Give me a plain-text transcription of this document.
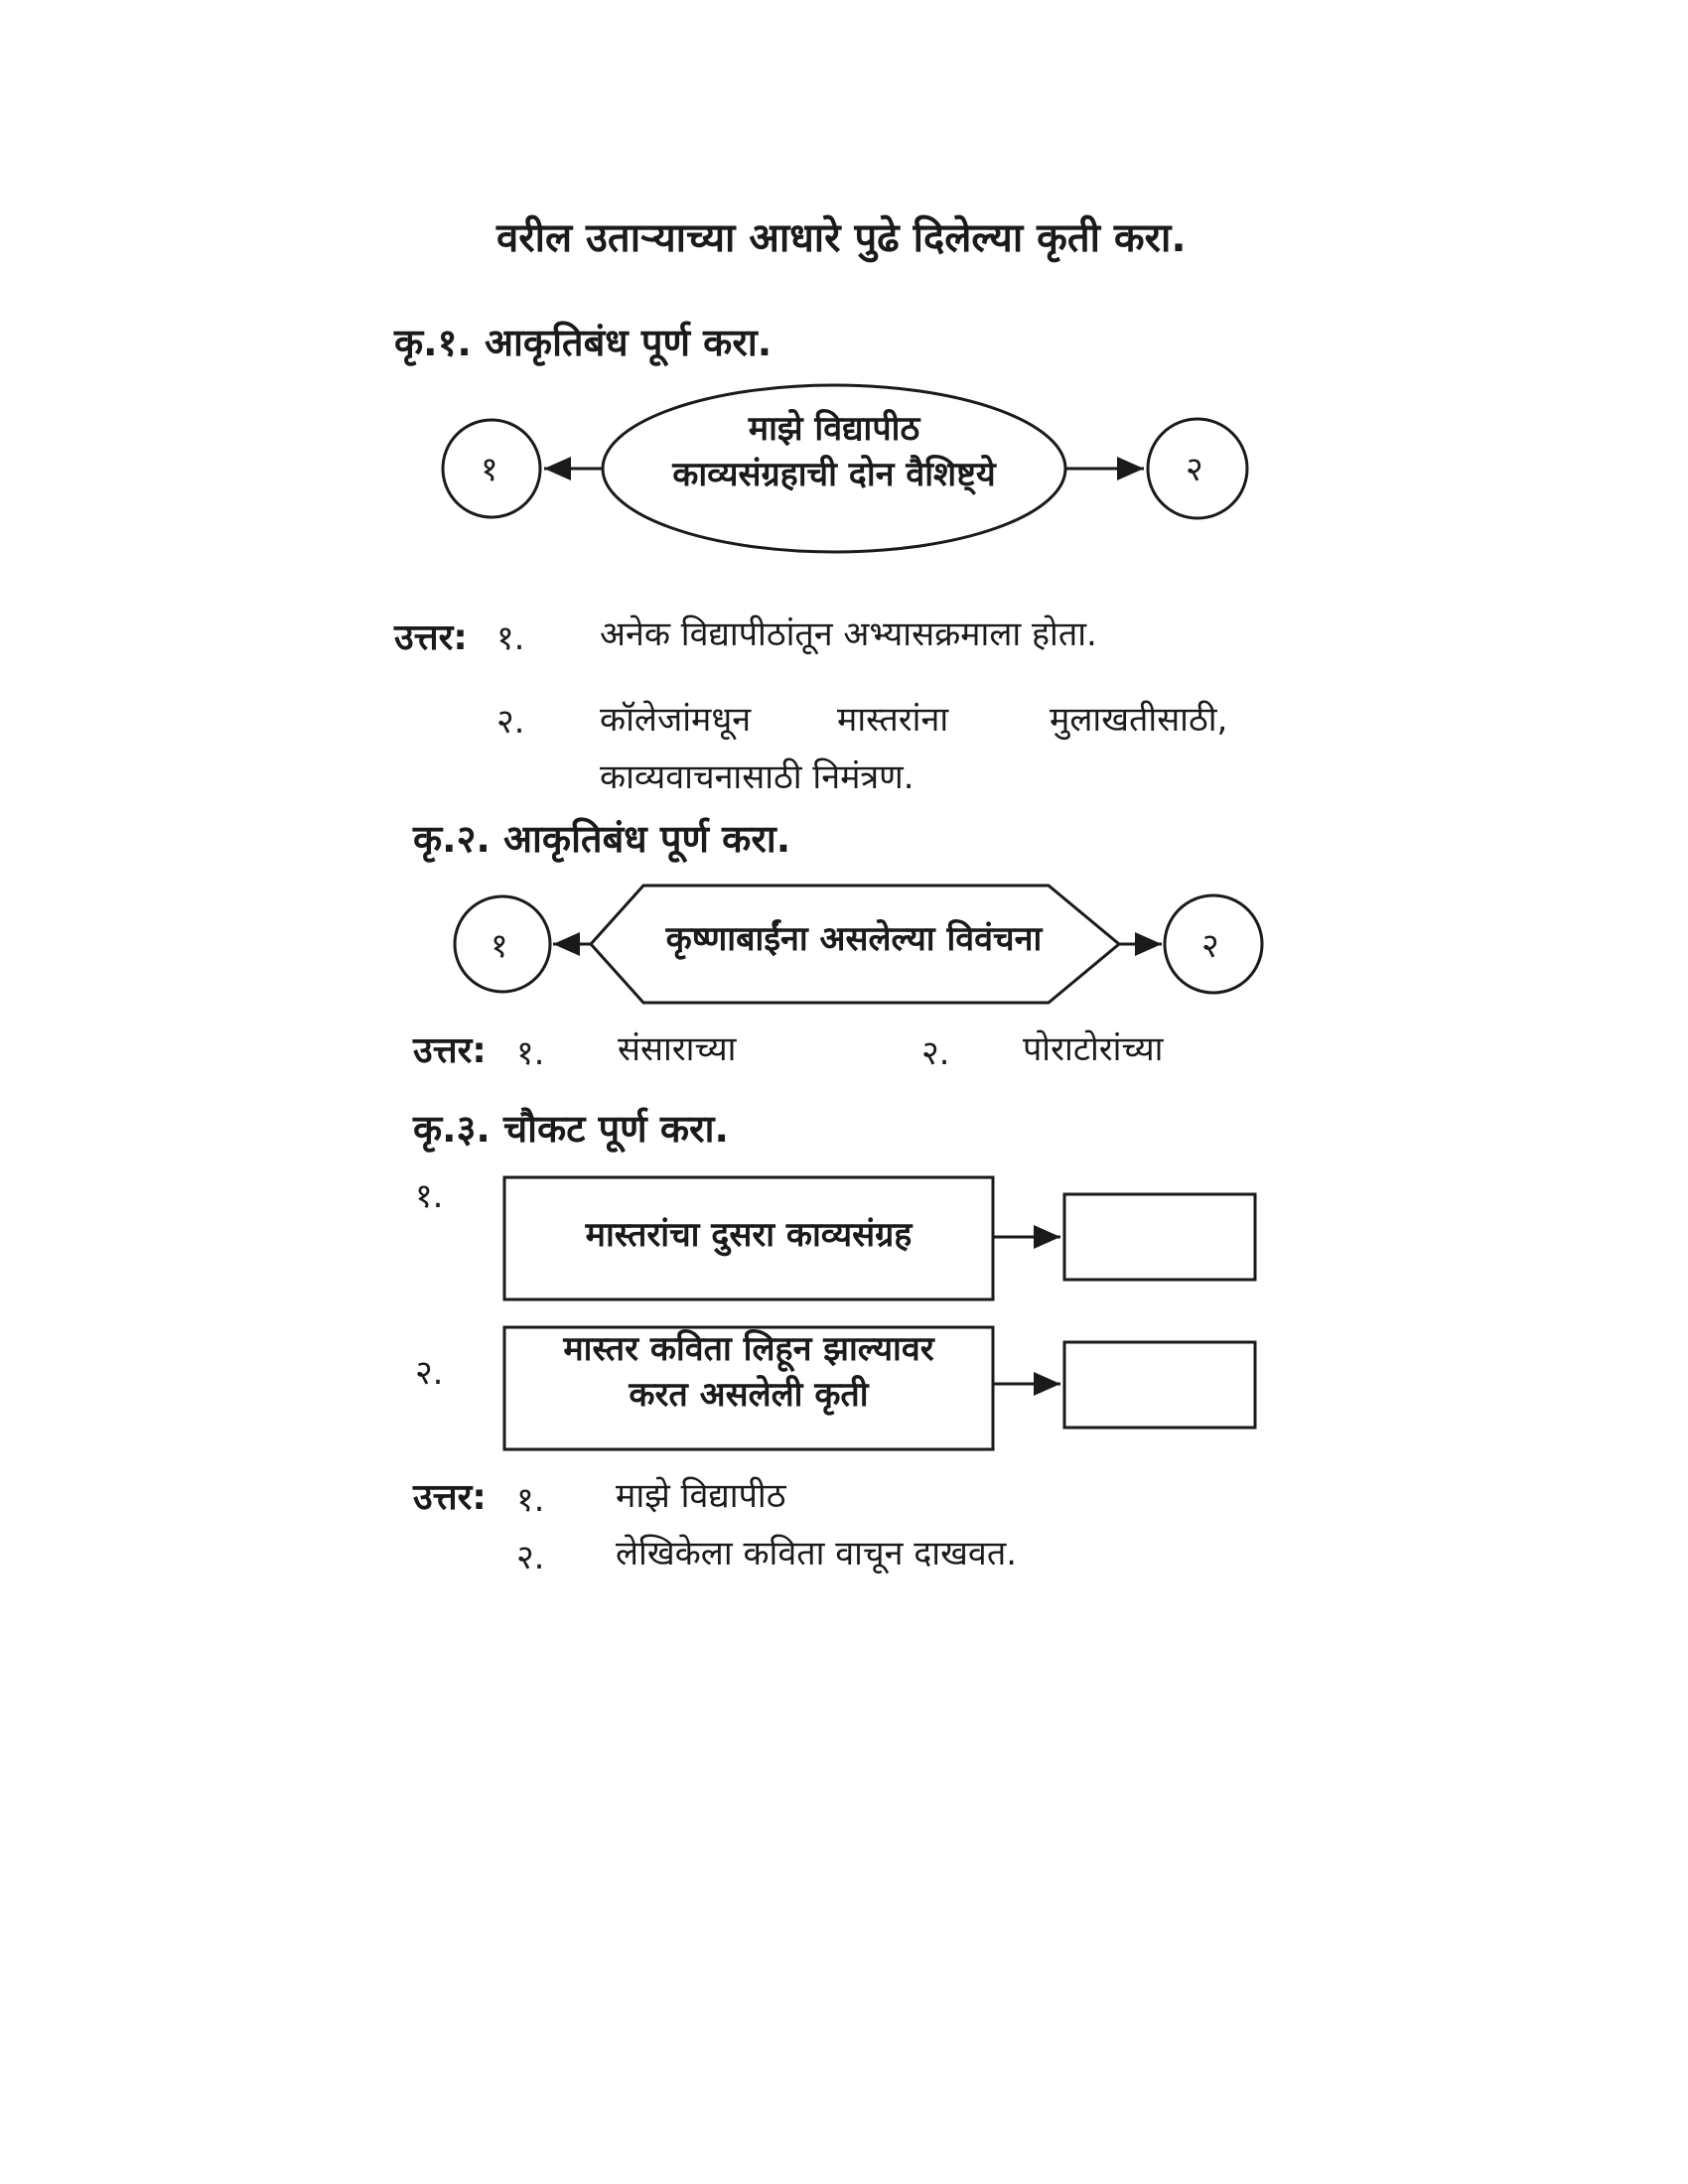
वरील उताऱ्याच्या आधारे पुढे दिलेल्या कृती करा.
कृ.१. आकृतिबंध पूर्ण करा.
१	२
माझे विद्यापीठ
काव्यसंग्रहाची दोन वैशिष्ट्ये
उत्तर: १. अनेक विद्यापीठांतून अभ्यासक्रमाला होता.
२. कॉलेजांमधून	मास्तरांना	मुलाखतीसाठी,
काव्यवाचनासाठी निमंत्रण.
कृ.२. आकृतिबंध पूर्ण करा.
१	२
कृष्णाबाईंना असलेल्या विवंचना
उत्तर: १. संसाराच्या	२. पोराटोरांच्या
कृ.३. चौकट पूर्ण करा.
१.
मास्तरांचा दुसरा काव्यसंग्रह
२.
मास्तर कविता लिहून झाल्यावर
करत असलेली कृती
उत्तर: १. माझे विद्यापीठ
२. लेखिकेला कविता वाचून दाखवत.
